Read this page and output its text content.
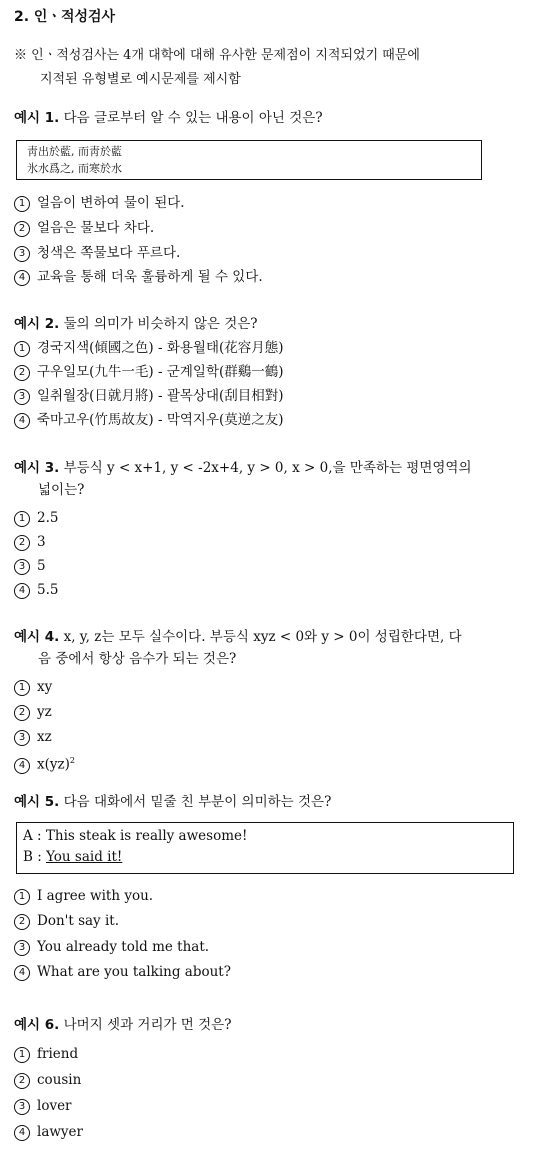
2. 인ㆍ적성검사
※ 인ㆍ적성검사는 4개 대학에 대해 유사한 문제점이 지적되었기 때문에
지적된 유형별로 예시문제를 제시함
예시 1. 다음 글로부터 알 수 있는 내용이 아닌 것은?
靑出於藍, 而靑於藍
氷水爲之, 而寒於水
1 얼음이 변하여 물이 된다.
2 얼음은 물보다 차다.
3 청색은 쪽물보다 푸르다.
4 교육을 통해 더욱 훌륭하게 될 수 있다.
예시 2. 둘의 의미가 비슷하지 않은 것은?
1 경국지색(傾國之色) - 화용월태(花容月態)
2 구우일모(九牛一毛) - 군계일학(群鷄一鶴)
3 일취월장(日就月將) - 괄목상대(刮目相對)
4 죽마고우(竹馬故友) - 막역지우(莫逆之友)
예시 3. 부등식 y < x+1, y < -2x+4, y > 0, x > 0,을 만족하는 평면영역의
넓이는?
1 2.5
2 3
3 5
4 5.5
예시 4. x, y, z는 모두 실수이다. 부등식 xyz < 0와 y > 0이 성립한다면, 다
음 중에서 항상 음수가 되는 것은?
1 xy
2 yz
3 xz
4 x(yz)$^2$
예시 5. 다음 대화에서 밑줄 친 부분이 의미하는 것은?
A : This steak is really awesome!
B : You said it!
1 I agree with you.
2 Don't say it.
3 You already told me that.
4 What are you talking about?
예시 6. 나머지 셋과 거리가 먼 것은?
1 friend
2 cousin
3 lover
4 lawyer
